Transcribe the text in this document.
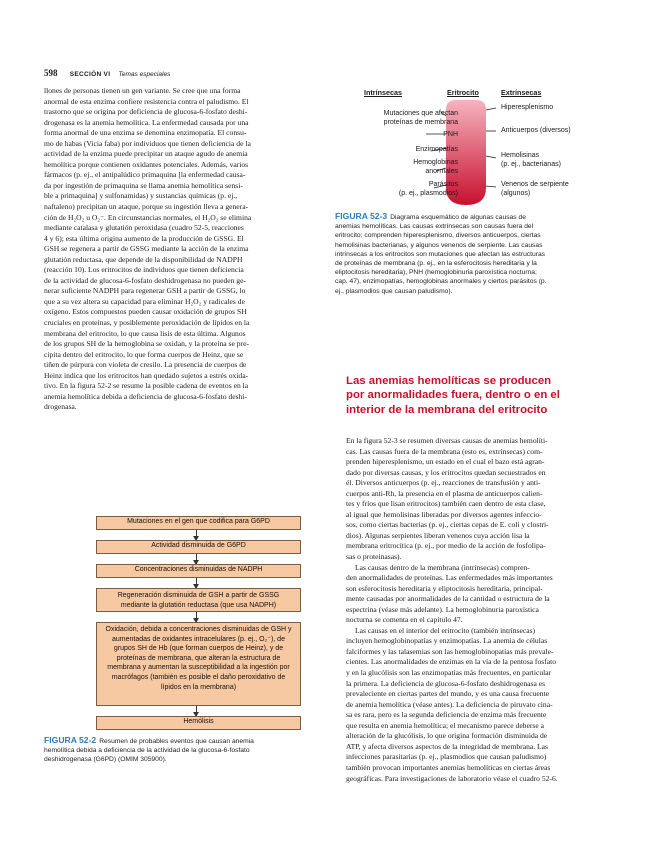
598 SECCIÓN VI Temas especiales
llones de personas tienen un gen variante. Se cree que una forma
anormal de esta enzima confiere resistencia contra el paludismo. El
trastorno que se origina por deficiencia de glucosa-6-fosfato deshi-
drogenasa es la anemia hemolítica. La enfermedad causada por una
forma anormal de una enzima se denomina enzimopatía. El consu-
mo de habas (Vicia faba) por individuos que tienen deficiencia de la
actividad de la enzima puede precipitar un ataque agudo de anemia
hemolítica porque contienen oxidantes potenciales. Además, varios
fármacos (p. ej., el antipalúdico primaquina [la enfermedad causa-
da por ingestión de primaquina se llama anemia hemolítica sensi-
ble a primaquina] y sulfonamidas) y sustancias químicas (p. ej.,
naftaleno) precipitan un ataque, porque su ingestión lleva a genera-
ción de H₂O₂ u O₂⁻. En circunstancias normales, el H₂O₂ se elimina
mediante catalasa y glutatión peroxidasa (cuadro 52-5, reacciones
4 y 6); esta última origina aumento de la producción de GSSG. El
GSH se regenera a partir de GSSG mediante la acción de la enzima
glutatión reductasa, que depende de la disponibilidad de NADPH
(reacción 10). Los eritrocitos de individuos que tienen deficiencia
de la actividad de glucosa-6-fosfato deshidrogenasa no pueden ge-
nerar suficiente NADPH para regenerar GSH a partir de GSSG, lo
que a su vez altera su capacidad para eliminar H₂O₂ y radicales de
oxígeno. Estos compuestos pueden causar oxidación de grupos SH
cruciales en proteínas, y posiblemente peroxidación de lípidos en la
membrana del eritrocito, lo que causa lisis de esta última. Algunos
de los grupos SH de la hemoglobina se oxidan, y la proteína se pre-
cipita dentro del eritrocito, lo que forma cuerpos de Heinz, que se
tiñen de púrpura con violeta de cresilo. La presencia de cuerpos de
Heinz indica que los eritrocitos han quedado sujetos a estrés oxida-
tivo. En la figura 52-2 se resume la posible cadena de eventos en la
anemia hemolítica debida a deficiencia de glucosa-6-fosfato deshi-
drogenasa.
Intrínsecas	Eritrocito	Extrínsecas
Mutaciones que afectan
proteínas de membrana
PNH
Enzimopatías
Hemoglobinas
anormales
Parásitos
(p. ej., plasmodios)
Hiperesplenismo
Anticuerpos (diversos)
Hemolisinas
(p. ej., bacterianas)
Venenos de serpiente
(algunos)
FIGURA 52-3 Diagrama esquemático de algunas causas de
anemias hemolíticas. Las causas extrínsecas son causas fuera del
eritrocito; comprenden hiperesplenismo, diversos anticuerpos, ciertas
hemolisinas bacterianas, y algunos venenos de serpiente. Las causas
intrínsecas a los eritrocitos son mutaciones que afectan las estructuras
de proteínas de membrana (p. ej., en la esferocitosis hereditaria y la
eliptocitosis hereditaria), PNH (hemoglobinuria paroxística nocturna;
cap. 47), enzimopatías, hemoglobinas anormales y ciertos parásitos (p.
ej., plasmodios que causan paludismo).
Las anemias hemolíticas se producen
por anormalidades fuera, dentro o en el
interior de la membrana del eritrocito
En la figura 52-3 se resumen diversas causas de anemias hemolíti-
cas. Las causas fuera de la membrana (esto es, extrínsecas) com-
prenden hiperesplenismo, un estado en el cual el bazo está agran-
dado por diversas causas, y los eritrocitos quedan secuestrados en
él. Diversos anticuerpos (p. ej., reacciones de transfusión y anti-
cuerpos anti-Rh, la presencia en el plasma de anticuerpos calien-
tes y fríos que lisan eritrocitos) también caen dentro de esta clase,
al igual que hemolisinas liberadas por diversos agentes infeccio-
sos, como ciertas bacterias (p. ej., ciertas cepas de E. coli y clostri-
dios). Algunas serpientes liberan venenos cuya acción lisa la
membrana eritrocítica (p. ej., por medio de la acción de fosfolipa-
sas o proteinasas).
Las causas dentro de la membrana (intrínsecas) compren-
den anormalidades de proteínas. Las enfermedades más importantes
son esferocitosis hereditaria y eliptocitosis hereditaria, principal-
mente causadas por anormalidades de la cantidad o estructura de la
espectrina (véase más adelante). La hemoglobinuria paroxística
nocturna se comenta en el capítulo 47.
Las causas en el interior del eritrocito (también intrínsecas)
incluyen hemoglobinopatías y enzimopatías. La anemia de células
falciformes y las talasemias son las hemoglobinopatías más prevale-
cientes. Las anormalidades de enzimas en la vía de la pentosa fosfato
y en la glucólisis son las enzimopatías más frecuentes, en particular
la primera. La deficiencia de glucosa-6-fosfato deshidrogenasa es
prevaleciente en ciertas partes del mundo, y es una causa frecuente
de anemia hemolítica (véase antes). La deficiencia de piruvato cina-
sa es rara, pero es la segunda deficiencia de enzima más frecuente
que resulta en anemia hemolítica; el mecanismo parece deberse a
alteración de la glucólisis, lo que origina formación disminuida de
ATP, y afecta diversos aspectos de la integridad de membrana. Las
infecciones parasitarias (p. ej., plasmodios que causan paludismo)
también provocan importantes anemias hemolíticas en ciertas áreas
geográficas. Para investigaciones de laboratorio véase el cuadro 52-6.
Mutaciones en el gen que codifica para G6PD
Actividad disminuida de G6PD
Concentraciones disminuidas de NADPH
Regeneración disminuida de GSH a partir de GSSG mediante la glutatión reductasa (que usa NADPH)
Oxidación, debida a concentraciones disminuidas de GSH y aumentadas de oxidantes intracelulares (p. ej., O₂⁻), de grupos SH de Hb (que forman cuerpos de Heinz), y de proteínas de membrana, que alteran la estructura de membrana y aumentan la susceptibilidad a la ingestión por macrófagos (también es posible el daño peroxidativo de lípidos en la membrana)
Hemólisis
FIGURA 52-2 Resumen de probables eventos que causan anemia
hemolítica debida a deficiencia de la actividad de la glucosa-6-fosfato
deshidrogenasa (G6PD) (OMIM 305900).
